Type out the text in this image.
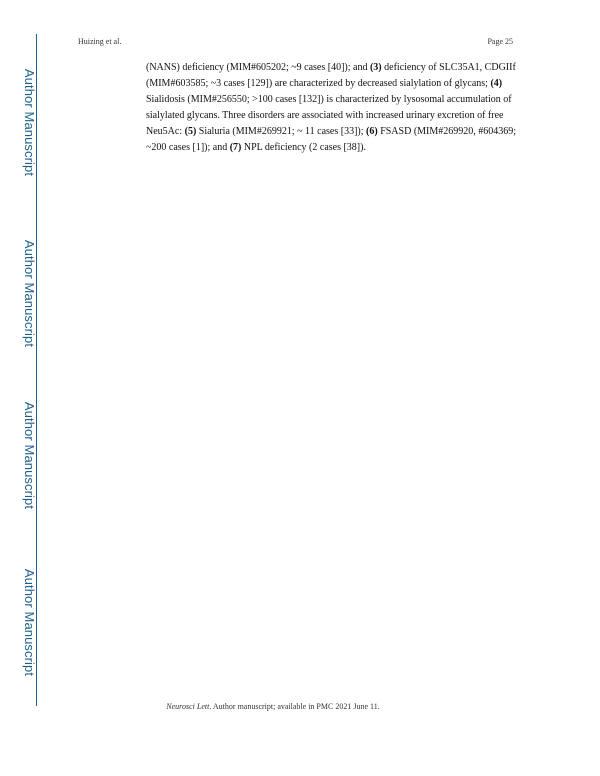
Author Manuscript
Author Manuscript
Author Manuscript
Author Manuscript
Huizing et al.	Page 25
(NANS) deficiency (MIM#605202; ~9 cases [40]); and (3) deficiency of SLC35A1, CDGIIf
(MIM#603585; ~3 cases [129]) are characterized by decreased sialylation of glycans; (4)
Sialidosis (MIM#256550; >100 cases [132]) is characterized by lysosomal accumulation of
sialylated glycans. Three disorders are associated with increased urinary excretion of free
Neu5Ac: (5) Sialuria (MIM#269921; ~ 11 cases [33]); (6) FSASD (MIM#269920, #604369;
~200 cases [1]); and (7) NPL deficiency (2 cases [38]).
Neurosci Lett. Author manuscript; available in PMC 2021 June 11.
